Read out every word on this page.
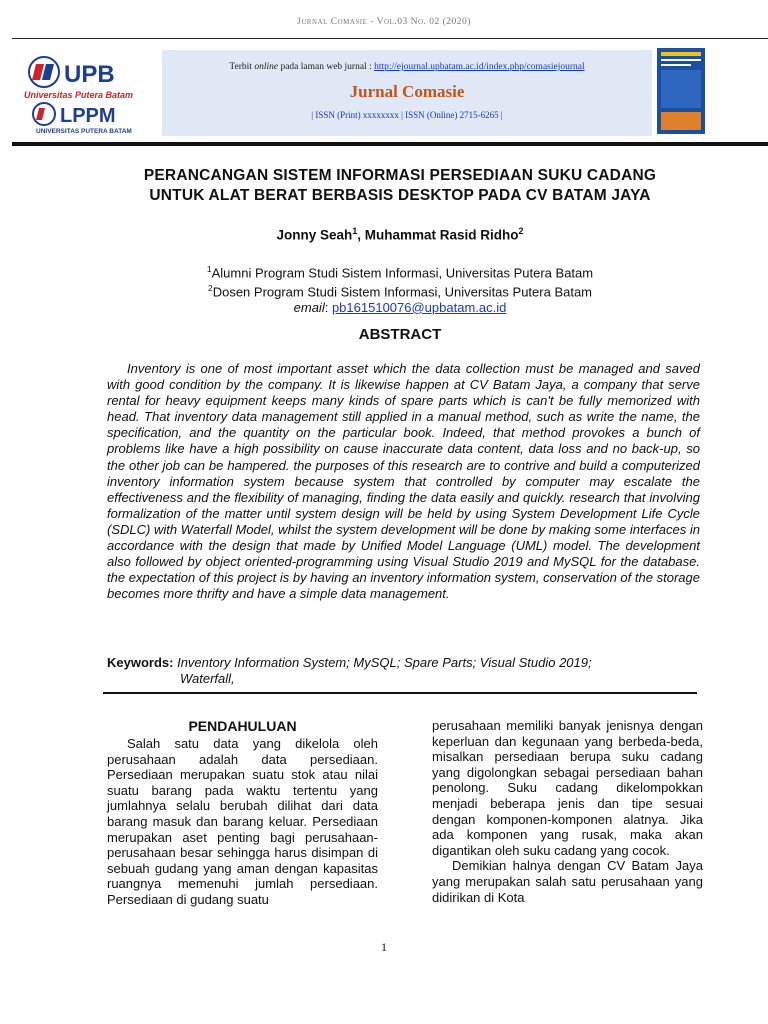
Jurnal Comasie - Vol.03 No. 02 (2020)
UPB
Universitas Putera Batam
LPPM
UNIVERSITAS PUTERA BATAM
Terbit online pada laman web jurnal : http://ejournal.upbatam.ac.id/index.php/comasiejournal
Jurnal Comasie
| ISSN (Print) xxxxxxxx | ISSN (Online) 2715-6265 |
PERANCANGAN SISTEM INFORMASI PERSEDIAAN SUKU CADANG
UNTUK ALAT BERAT BERBASIS DESKTOP PADA CV BATAM JAYA
Jonny Seah$^1$, Muhammat Rasid Ridho$^2$
$^1$Alumni Program Studi Sistem Informasi, Universitas Putera Batam
$^2$Dosen Program Studi Sistem Informasi, Universitas Putera Batam
email: pb161510076@upbatam.ac.id
ABSTRACT

Inventory is one of most important asset which the data collection must be managed and saved with good condition by the company. It is likewise happen at CV Batam Jaya, a company that serve rental for heavy equipment keeps many kinds of spare parts which is can't be fully memorized with head. That inventory data management still applied in a manual method, such as write the name, the specification, and the quantity on the particular book. Indeed, that method provokes a bunch of problems like have a high possibility on cause inaccurate data content, data loss and no back-up, so the other job can be hampered. the purposes of this research are to contrive and build a computerized inventory information system because system that controlled by computer may escalate the effectiveness and the flexibility of managing, finding the data easily and quickly. research that involving formalization of the matter until system design will be held by using System Development Life Cycle (SDLC) with Waterfall Model, whilst the system development will be done by making some interfaces in accordance with the design that made by Unified Model Language (UML) model. The development also followed by object oriented-programming using Visual Studio 2019 and MySQL for the database. the expectation of this project is by having an inventory information system, conservation of the storage becomes more thrifty and have a simple data management.

Keywords: Inventory Information System; MySQL; Spare Parts; Visual Studio 2019;
Waterfall,
PENDAHULUAN

Salah satu data yang dikelola oleh perusahaan adalah data persediaan. Persediaan merupakan suatu stok atau nilai suatu barang pada waktu tertentu yang jumlahnya selalu berubah dilihat dari data barang masuk dan barang keluar. Persediaan merupakan aset penting bagi perusahaan-perusahaan besar sehingga harus disimpan di sebuah gudang yang aman dengan kapasitas ruangnya memenuhi jumlah persediaan. Persediaan di gudang suatu

perusahaan memiliki banyak jenisnya dengan keperluan dan kegunaan yang berbeda-beda, misalkan persediaan berupa suku cadang yang digolongkan sebagai persediaan bahan penolong. Suku cadang dikelompokkan menjadi beberapa jenis dan tipe sesuai dengan komponen-komponen alatnya. Jika ada komponen yang rusak, maka akan digantikan oleh suku cadang yang cocok.

Demikian halnya dengan CV Batam Jaya yang merupakan salah satu perusahaan yang didirikan di Kota

1
